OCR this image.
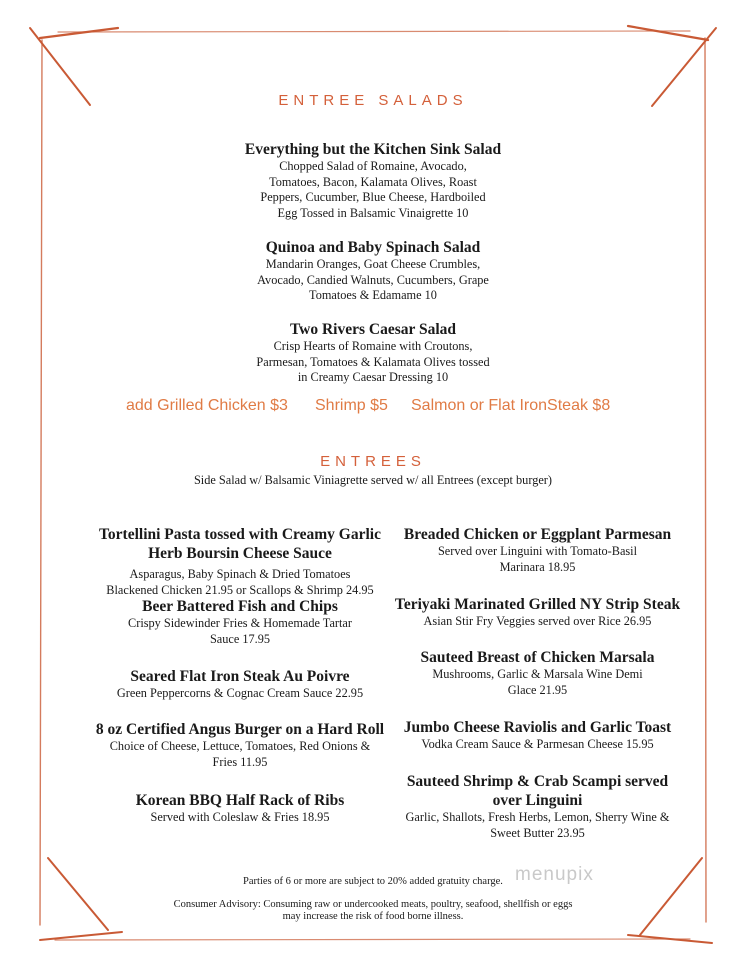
ENTREE SALADS
Everything but the Kitchen Sink Salad
Chopped Salad of Romaine, Avocado,
Tomatoes, Bacon, Kalamata Olives, Roast
Peppers, Cucumber, Blue Cheese, Hardboiled
Egg Tossed in Balsamic Vinaigrette 10
Quinoa and Baby Spinach Salad
Mandarin Oranges, Goat Cheese Crumbles,
Avocado, Candied Walnuts, Cucumbers, Grape
Tomatoes & Edamame 10
Two Rivers Caesar Salad
Crisp Hearts of Romaine with Croutons,
Parmesan, Tomatoes & Kalamata Olives tossed
in Creamy Caesar Dressing 10
add Grilled Chicken $3 Shrimp $5 Salmon or Flat IronSteak $8
ENTREES
Side Salad w/ Balsamic Viniagrette served w/ all Entrees (except burger)
Tortellini Pasta tossed with Creamy Garlic
Herb Boursin Cheese Sauce
Asparagus, Baby Spinach & Dried Tomatoes
Blackened Chicken 21.95 or Scallops & Shrimp 24.95
Beer Battered Fish and Chips
Crispy Sidewinder Fries & Homemade Tartar
Sauce 17.95
Seared Flat Iron Steak Au Poivre
Green Peppercorns & Cognac Cream Sauce 22.95
8 oz Certified Angus Burger on a Hard Roll
Choice of Cheese, Lettuce, Tomatoes, Red Onions &
Fries 11.95
Korean BBQ Half Rack of Ribs
Served with Coleslaw & Fries 18.95
Breaded Chicken or Eggplant Parmesan
Served over Linguini with Tomato-Basil
Marinara 18.95
Teriyaki Marinated Grilled NY Strip Steak
Asian Stir Fry Veggies served over Rice 26.95
Sauteed Breast of Chicken Marsala
Mushrooms, Garlic & Marsala Wine Demi
Glace 21.95
Jumbo Cheese Raviolis and Garlic Toast
Vodka Cream Sauce & Parmesan Cheese 15.95
Sauteed Shrimp & Crab Scampi served
over Linguini
Garlic, Shallots, Fresh Herbs, Lemon, Sherry Wine &
Sweet Butter 23.95
Parties of 6 or more are subject to 20% added gratuity charge.
Consumer Advisory: Consuming raw or undercooked meats, poultry, seafood, shellfish or eggs
may increase the risk of food borne illness.
menupix
